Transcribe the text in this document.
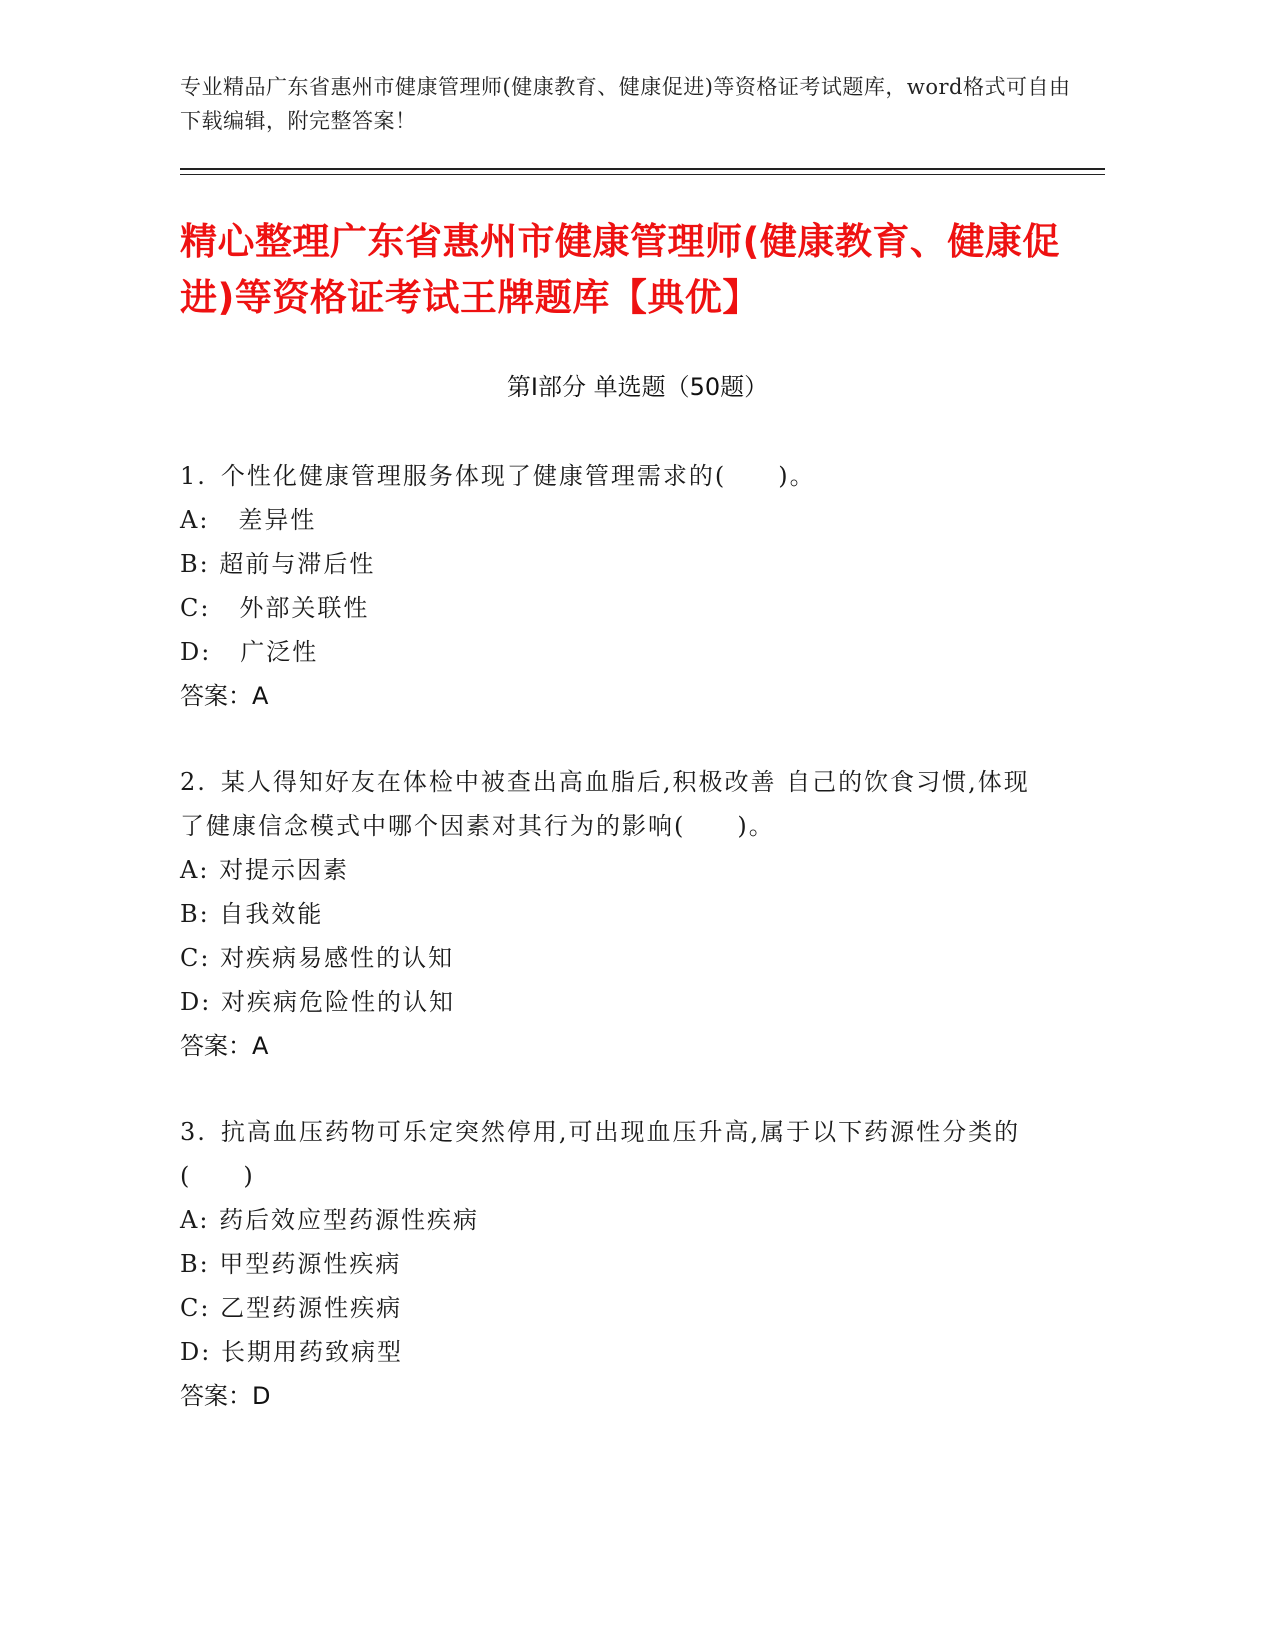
专业精品广东省惠州市健康管理师(健康教育、健康促进)等资格证考试题库，word格式可自由下载编辑，附完整答案！
精心整理广东省惠州市健康管理师(健康教育、健康促进)等资格证考试王牌题库【典优】
第Ⅰ部分 单选题（50题）
1. 个性化健康管理服务体现了健康管理需求的(　　)。
A:   差异性
B: 超前与滞后性
C:   外部关联性
D:   广泛性
答案：A
2. 某人得知好友在体检中被查出高血脂后,积极改善 自己的饮食习惯,体现了健康信念模式中哪个因素对其行为的影响(　　)。
A: 对提示因素
B: 自我效能
C: 对疾病易感性的认知
D: 对疾病危险性的认知
答案：A
3. 抗高血压药物可乐定突然停用,可出现血压升高,属于以下药源性分类的(　　)
A: 药后效应型药源性疾病
B: 甲型药源性疾病
C: 乙型药源性疾病
D: 长期用药致病型
答案：D
